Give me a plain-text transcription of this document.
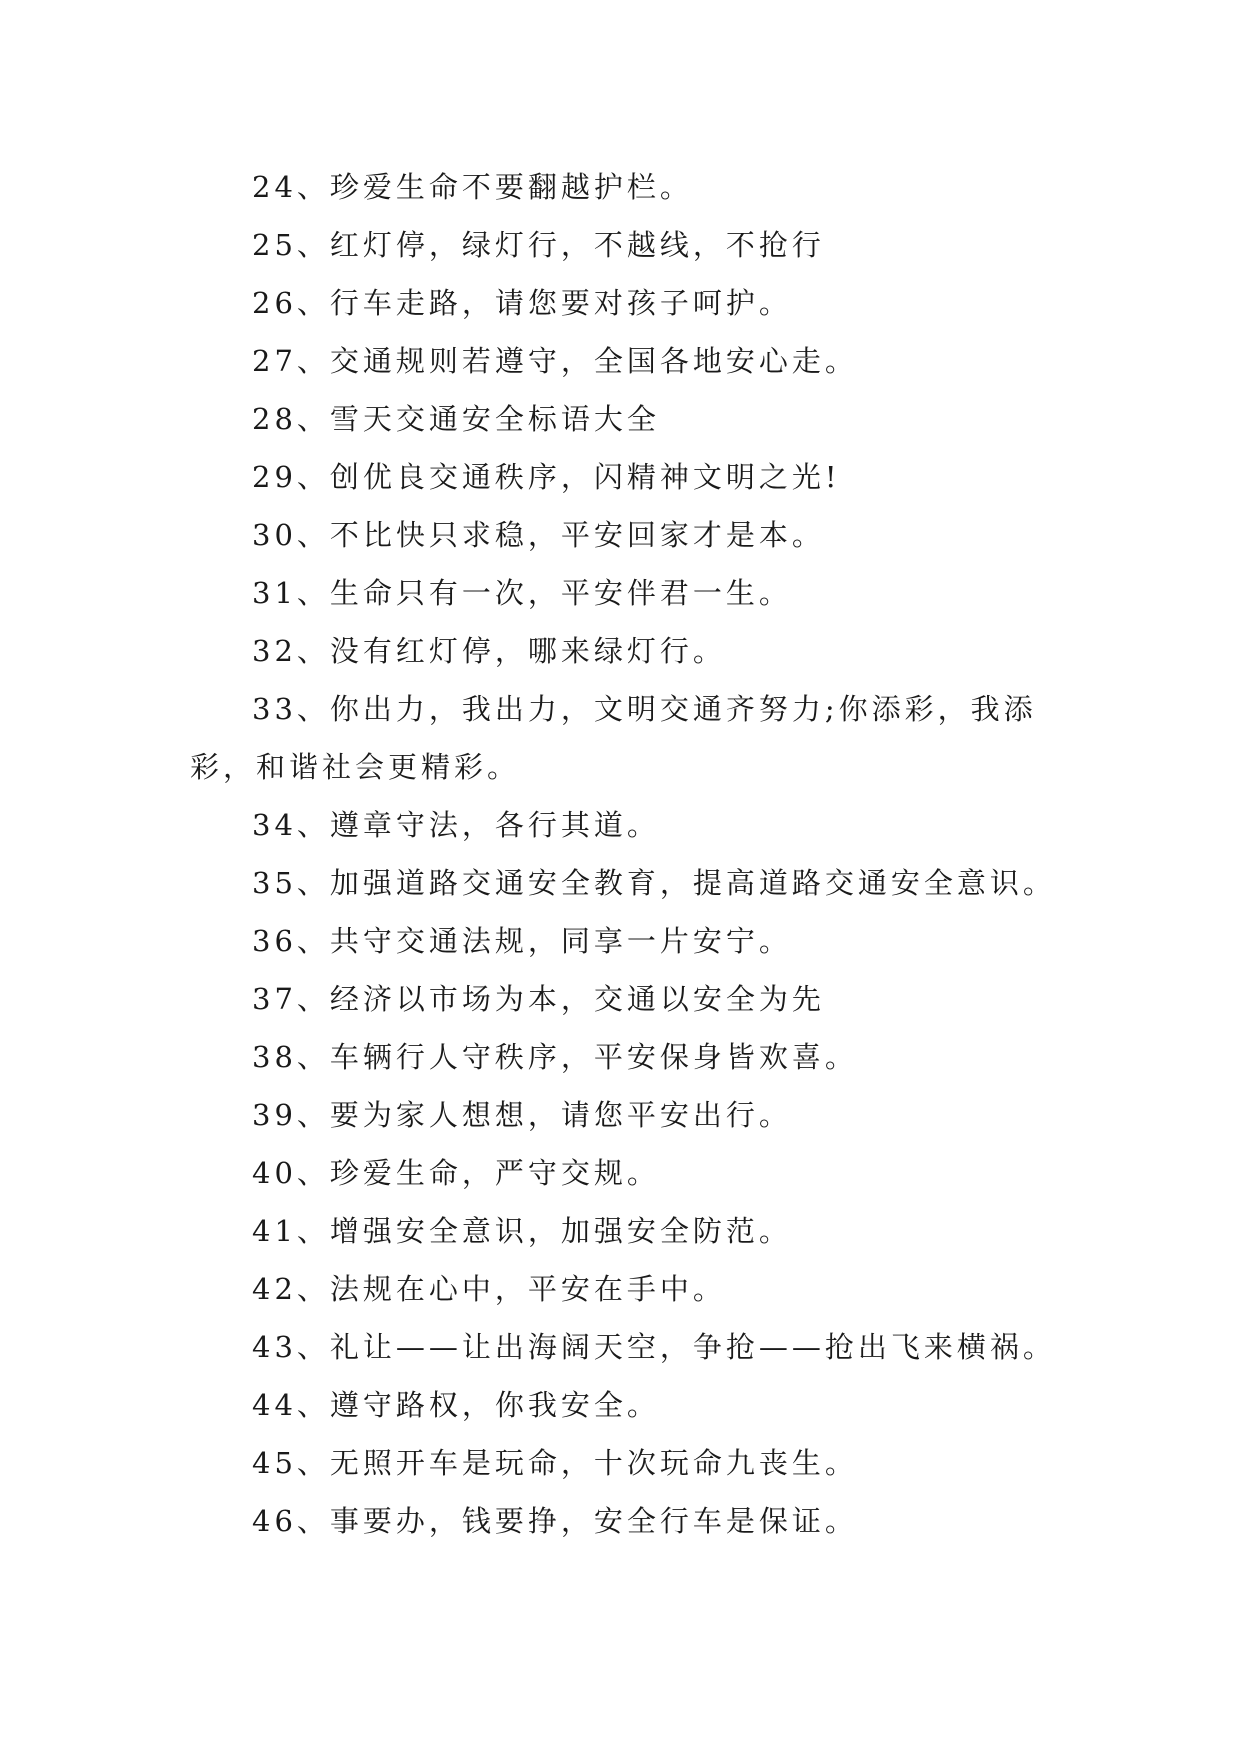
24、珍爱生命不要翻越护栏。

25、红灯停，绿灯行，不越线，不抢行

26、行车走路，请您要对孩子呵护。

27、交通规则若遵守，全国各地安心走。

28、雪天交通安全标语大全

29、创优良交通秩序，闪精神文明之光!

30、不比快只求稳，平安回家才是本。

31、生命只有一次，平安伴君一生。

32、没有红灯停，哪来绿灯行。

33、你出力，我出力，文明交通齐努力;你添彩，我添彩，和谐社会更精彩。

34、遵章守法，各行其道。

35、加强道路交通安全教育，提高道路交通安全意识。

36、共守交通法规，同享一片安宁。

37、经济以市场为本，交通以安全为先

38、车辆行人守秩序，平安保身皆欢喜。

39、要为家人想想，请您平安出行。

40、珍爱生命，严守交规。

41、增强安全意识，加强安全防范。

42、法规在心中，平安在手中。

43、礼让——让出海阔天空，争抢——抢出飞来横祸。

44、遵守路权，你我安全。

45、无照开车是玩命，十次玩命九丧生。

46、事要办，钱要挣，安全行车是保证。
